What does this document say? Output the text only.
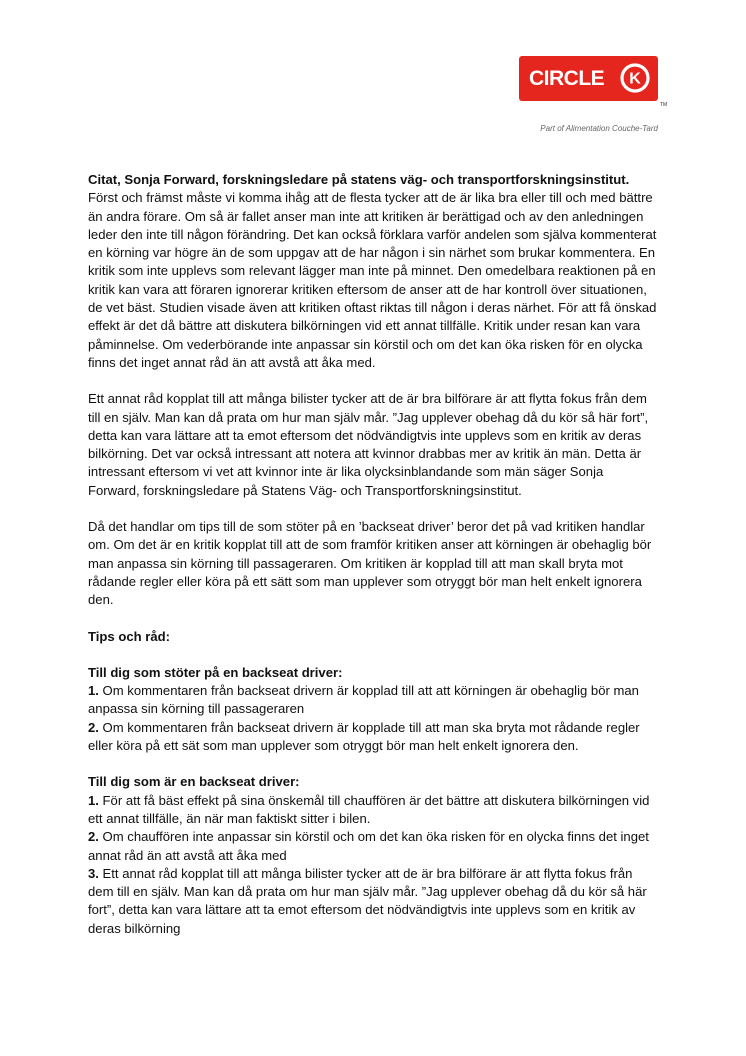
CIRCLE K
TM
Part of Alimentation Couche-Tard

Citat, Sonja Forward, forskningsledare på statens väg- och transportforskningsinstitut.
Först och främst måste vi komma ihåg att de flesta tycker att de är lika bra eller till och med bättre än andra förare. Om så är fallet anser man inte att kritiken är berättigad och av den anledningen leder den inte till någon förändring. Det kan också förklara varför andelen som själva kommenterat en körning var högre än de som uppgav att de har någon i sin närhet som brukar kommentera. En kritik som inte upplevs som relevant lägger man inte på minnet. Den omedelbara reaktionen på en kritik kan vara att föraren ignorerar kritiken eftersom de anser att de har kontroll över situationen, de vet bäst. Studien visade även att kritiken oftast riktas till någon i deras närhet. För att få önskad effekt är det då bättre att diskutera bilkörningen vid ett annat tillfälle. Kritik under resan kan vara påminnelse. Om vederbörande inte anpassar sin körstil och om det kan öka risken för en olycka finns det inget annat råd än att avstå att åka med.

Ett annat råd kopplat till att många bilister tycker att de är bra bilförare är att flytta fokus från dem till en själv. Man kan då prata om hur man själv mår. ”Jag upplever obehag då du kör så här fort”, detta kan vara lättare att ta emot eftersom det nödvändigtvis inte upplevs som en kritik av deras bilkörning. Det var också intressant att notera att kvinnor drabbas mer av kritik än män. Detta är intressant eftersom vi vet att kvinnor inte är lika olycksinblandande som män säger Sonja Forward, forskningsledare på Statens Väg- och Transportforskningsinstitut.

Då det handlar om tips till de som stöter på en ’backseat driver’ beror det på vad kritiken handlar om. Om det är en kritik kopplat till att de som framför kritiken anser att körningen är obehaglig bör man anpassa sin körning till passageraren. Om kritiken är kopplad till att man skall bryta mot rådande regler eller köra på ett sätt som man upplever som otryggt bör man helt enkelt ignorera den.

Tips och råd:

Till dig som stöter på en backseat driver:
1. Om kommentaren från backseat drivern är kopplad till att att körningen är obehaglig bör man anpassa sin körning till passageraren
2. Om kommentaren från backseat drivern är kopplade till att man ska bryta mot rådande regler eller köra på ett sät som man upplever som otryggt bör man helt enkelt ignorera den.

Till dig som är en backseat driver:
1. För att få bäst effekt på sina önskemål till chauffören är det bättre att diskutera bilkörningen vid ett annat tillfälle, än när man faktiskt sitter i bilen.
2. Om chauffören inte anpassar sin körstil och om det kan öka risken för en olycka finns det inget annat råd än att avstå att åka med
3. Ett annat råd kopplat till att många bilister tycker att de är bra bilförare är att flytta fokus från dem till en själv. Man kan då prata om hur man själv mår. ”Jag upplever obehag då du kör så här fort”, detta kan vara lättare att ta emot eftersom det nödvändigtvis inte upplevs som en kritik av deras bilkörning
